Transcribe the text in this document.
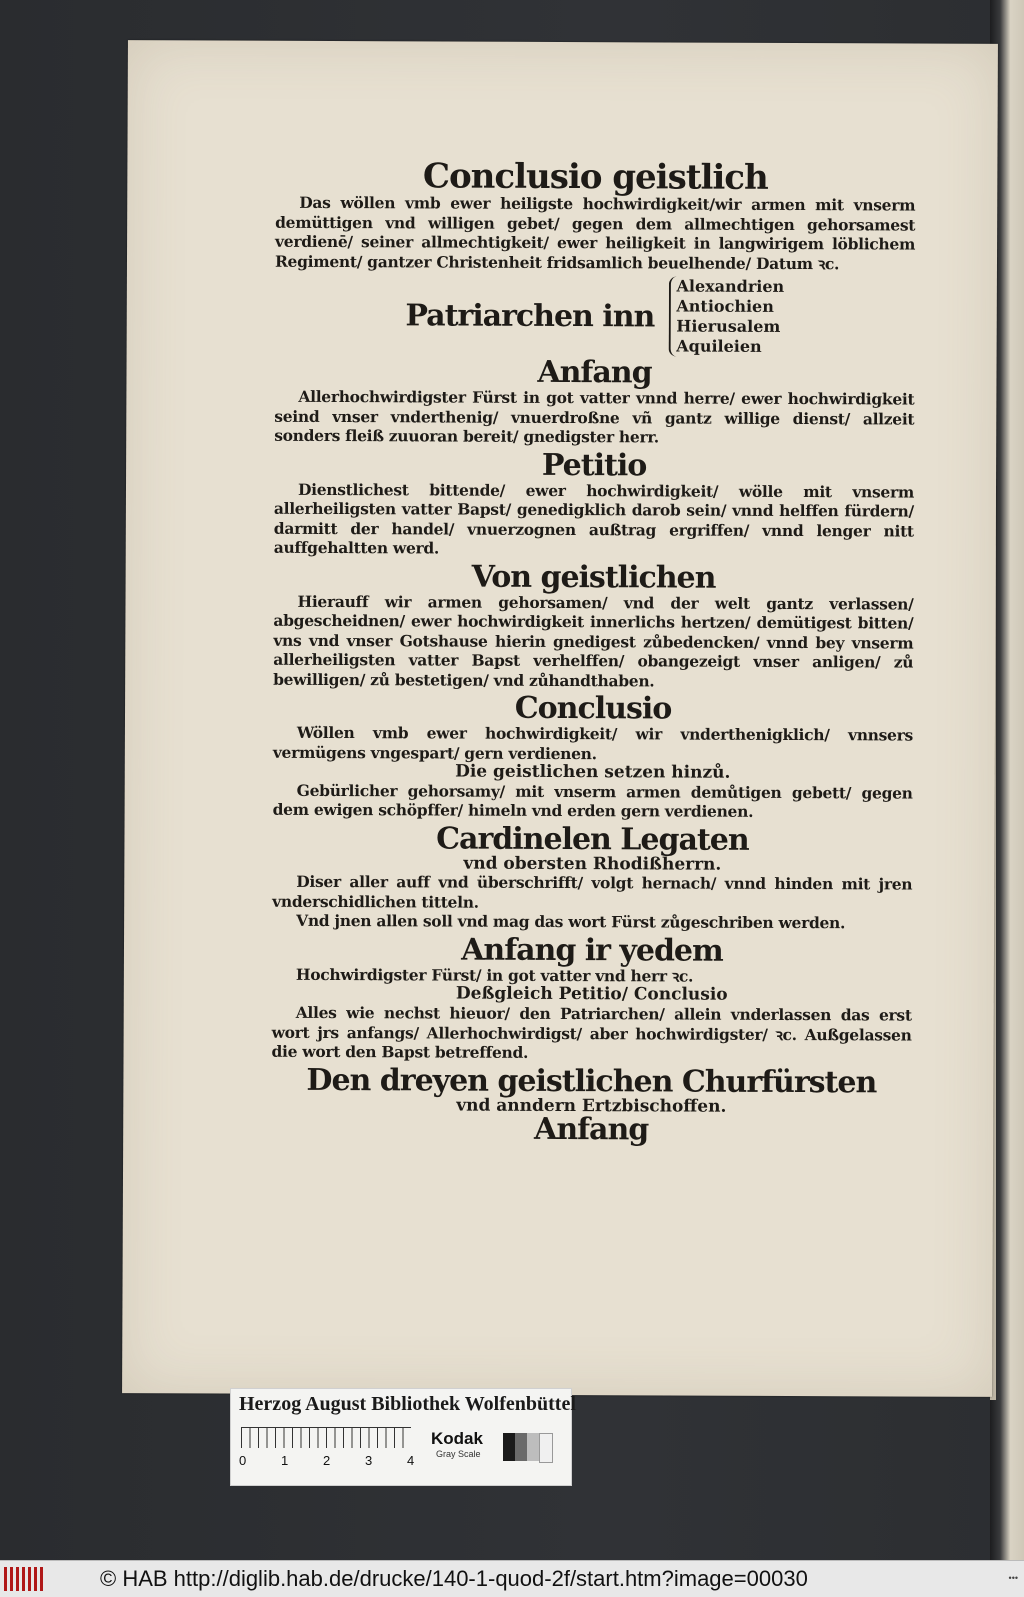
Conclusio geistlich

Das wöllen vmb ewer heiligste hochwirdigkeit/wir armen mit vnserm demüttigen vnd willigen gebet/ gegen dem allmechtigen gehorsamest verdienē/ seiner allmechtigkeit/ ewer heiligkeit in langwirigem löblichem Regiment/ gantzer Christenheit fridsamlich beuelhende/ Datum ꝛc.

Patriarchen inn
Alexandrien
Antiochien
Hierusalem
Aquileien

Anfang

Allerhochwirdigster Fürst in got vatter vnnd herre/ ewer hochwirdigkeit seind vnser vnderthenig/ vnuerdroßne vñ gantz willige dienst/ allzeit sonders fleiß zuuoran bereit/ gnedigster herr.

Petitio

Dienstlichest bittende/ ewer hochwirdigkeit/ wölle mit vnserm allerheiligsten vatter Bapst/ genedigklich darob sein/ vnnd helffen fürdern/ darmitt der handel/ vnuerzognen außtrag ergriffen/ vnnd lenger nitt auffgehaltten werd.

Von geistlichen

Hierauff wir armen gehorsamen/ vnd der welt gantz verlassen/ abgescheidnen/ ewer hochwirdigkeit innerlichs hertzen/ demütigest bitten/ vns vnd vnser Gotshause hierin gnedigest zůbedencken/ vnnd bey vnserm allerheiligsten vatter Bapst verhelffen/ obangezeigt vnser anligen/ zů bewilligen/ zů bestetigen/ vnd zůhandthaben.

Conclusio

Wöllen vmb ewer hochwirdigkeit/ wir vnderthenigklich/ vnnsers vermügens vngespart/ gern verdienen.

Die geistlichen setzen hinzů.

Gebürlicher gehorsamy/ mit vnserm armen demůtigen gebett/ gegen dem ewigen schöpffer/ himeln vnd erden gern verdienen.

Cardinelen Legaten

vnd obersten Rhodißherrn.

Diser aller auff vnd überschrifft/ volgt hernach/ vnnd hinden mit jren vnderschidlichen titteln.

Vnd jnen allen soll vnd mag das wort Fürst zůgeschriben werden.

Anfang ir yedem

Hochwirdigster Fürst/ in got vatter vnd herr ꝛc.

Deßgleich Petitio/ Conclusio

Alles wie nechst hieuor/ den Patriarchen/ allein vnderlassen das erst wort jrs anfangs/ Allerhochwirdigst/ aber hochwirdigster/ ꝛc. Außgelassen die wort den Bapst betreffend.

Den dreyen geistlichen Churfürsten

vnd anndern Ertzbischoffen.

Anfang

Herzog August Bibliothek Wolfenbüttel
0	1	2	3	4
Kodak
Gray Scale
© HAB http://diglib.hab.de/drucke/140-1-quod-2f/start.htm?image=00030	•••
